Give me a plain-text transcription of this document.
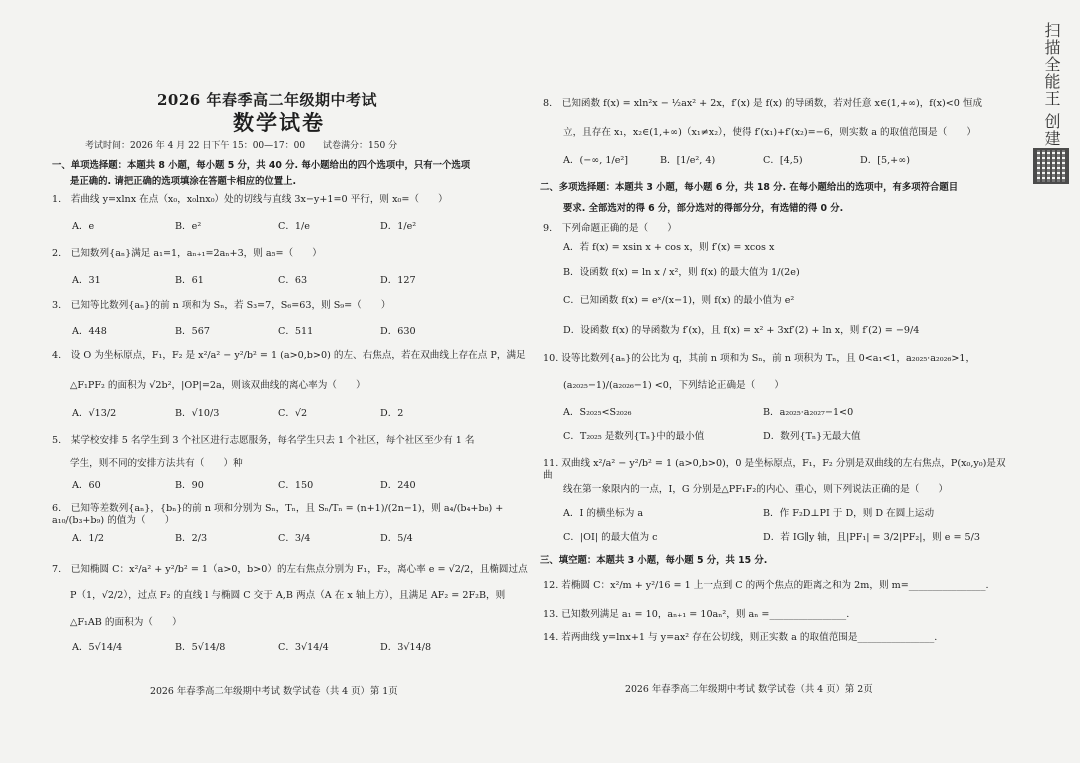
2026 年春季高二年级期中考试
数学试卷
考试时间：2026 年 4 月 22 日下午 15：00—17：00　　试卷满分：150 分
一、单项选择题：本题共 8 小题，每小题 5 分，共 40 分. 每小题给出的四个选项中，只有一个选项
是正确的. 请把正确的选项填涂在答题卡相应的位置上.
1.　若曲线 y=xlnx 在点（x₀，x₀lnx₀）处的切线与直线 3x−y+1=0 平行，则 x₀=（　　）
2.　已知数列{aₙ}满足 a₁=1，aₙ₊₁=2aₙ+3，则 a₅=（　　）
3.　已知等比数列{aₙ}的前 n 项和为 Sₙ，若 S₃=7，S₆=63，则 S₉=（　　）
4.　设 O 为坐标原点，F₁，F₂ 是 x²/a² − y²/b² = 1 (a>0,b>0) 的左、右焦点，若在双曲线上存在点 P，满足
△F₁PF₂ 的面积为 √2b²，|OP|=2a，则该双曲线的离心率为（　　）
5.　某学校安排 5 名学生到 3 个社区进行志愿服务，每名学生只去 1 个社区，每个社区至少有 1 名
学生，则不同的安排方法共有（　　）种
6.　已知等差数列{aₙ}，{bₙ}的前 n 项和分别为 Sₙ，Tₙ，且 Sₙ/Tₙ = (n+1)/(2n−1)，则 a₄/(b₄+b₈) + a₁₀/(b₃+b₉) 的值为（　　）
7.　已知椭圆 C：x²/a² + y²/b² = 1（a>0，b>0）的左右焦点分别为 F₁，F₂，离心率 e = √2/2，且椭圆过点
P（1，√2/2），过点 F₂ 的直线 l 与椭圆 C 交于 A,B 两点（A 在 x 轴上方），且满足 AF₂ = 2F₂B，则
△F₁AB 的面积为（　　）
2026 年春季高二年级期中考试 数学试卷（共 4 页）第 1页
8.　已知函数 f(x) = xln²x − ½ax² + 2x，f′(x) 是 f(x) 的导函数，若对任意 x∈(1,+∞)，f(x)<0 恒成
立，且存在 x₁，x₂∈(1,+∞)（x₁≠x₂），使得 f′(x₁)+f′(x₂)=−6，则实数 a 的取值范围是（　　）
二、多项选择题：本题共 3 小题，每小题 6 分，共 18 分. 在每小题给出的选项中，有多项符合题目
要求. 全部选对的得 6 分，部分选对的得部分分，有选错的得 0 分.
9.　下列命题正确的是（　　）
10. 设等比数列{aₙ}的公比为 q，其前 n 项和为 Sₙ，前 n 项积为 Tₙ，且 0<a₁<1，a₂₀₂₅·a₂₀₂₆>1，
(a₂₀₂₅−1)/(a₂₀₂₆−1) <0，下列结论正确是（　　）
11. 双曲线 x²/a² − y²/b² = 1 (a>0,b>0)，0 是坐标原点，F₁，F₂ 分别是双曲线的左右焦点，P(x₀,y₀)是双曲
线在第一象限内的一点，I，G 分别是△PF₁F₂的内心、重心，则下列说法正确的是（　　）
三、填空题：本题共 3 小题，每小题 5 分，共 15 分.
12. 若椭圆 C：x²/m + y²/16 = 1 上一点到 C 的两个焦点的距离之和为 2m，则 m=________________.
13. 已知数列满足 a₁ = 10，aₙ₊₁ = 10aₙ²，则 aₙ =________________.
14. 若两曲线 y=lnx+1 与 y=ax² 存在公切线，则正实数 a 的取值范围是________________.
2026 年春季高二年级期中考试 数学试卷（共 4 页）第 2页
A．e	B．e²	C．1/e	D．1/e²
A．31	B．61	C．63	D．127
A．448	B．567	C．511	D．630
A．√13/2	B．√10/3	C．√2	D．2
A．60	B．90	C．150	D．240
A．1/2	B．2/3	C．3/4	D．5/4
A．5√14/4	B．5√14/8	C．3√14/4	D．3√14/8
A．(−∞, 1/e²]	B．[1/e², 4)	C．[4,5)	D．[5,+∞)
A．若 f(x) = xsin x + cos x，则 f′(x) = xcos x
B．设函数 f(x) = ln x / x²，则 f(x) 的最大值为 1/(2e)
C．已知函数 f(x) = eˣ/(x−1)，则 f(x) 的最小值为 e²
D．设函数 f(x) 的导函数为 f′(x)，且 f(x) = x² + 3xf′(2) + ln x，则 f′(2) = −9/4
A．S₂₀₂₅<S₂₀₂₆	B．a₂₀₂₅·a₂₀₂₇−1<0
C．T₂₀₂₅ 是数列{Tₙ}中的最小值	D．数列{Tₙ}无最大值
A．I 的横坐标为 a	B．作 F₂D⊥PI 于 D，则 D 在圆上运动
C．|OI| 的最大值为 c	D．若 IG∥y 轴，且|PF₁| = 3/2|PF₂|，则 e = 5/3
扫描全能王 创建
